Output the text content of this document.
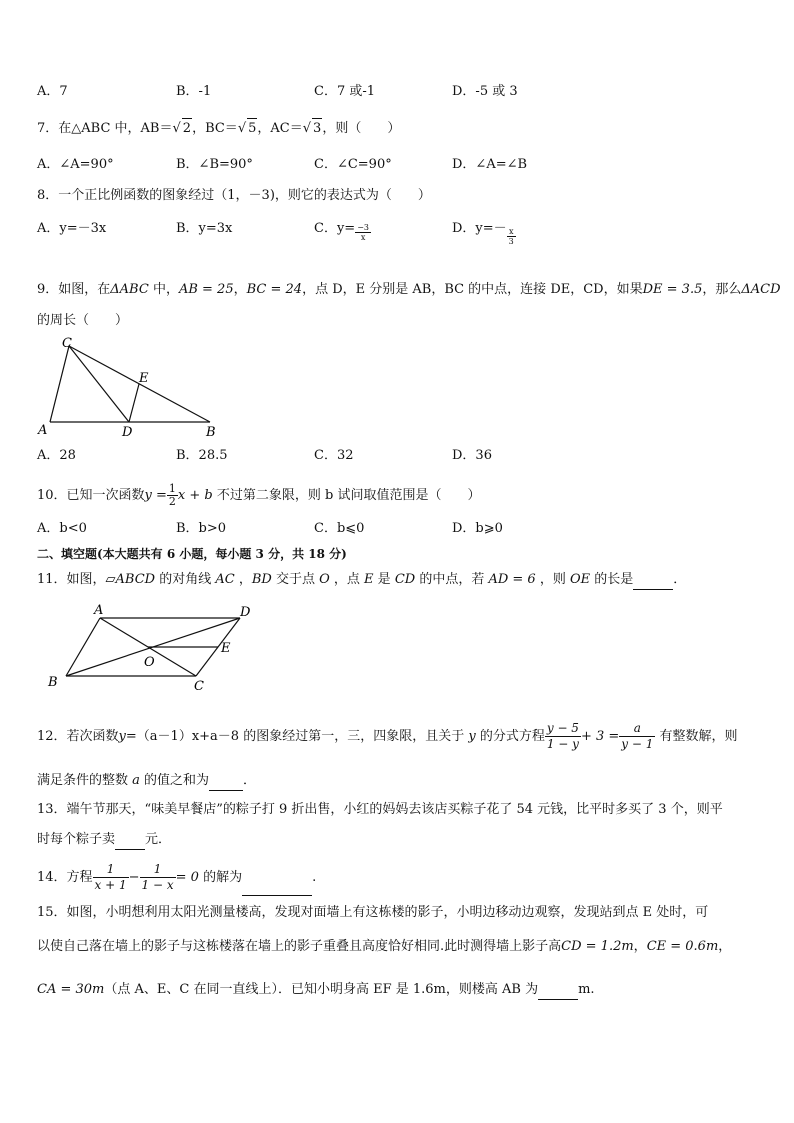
A．7	B．-1	C．7 或-1	D．-5 或 3
7．在△ABC 中，AB＝√ 2，BC＝√ 5，AC＝√ 3，则（　　）
A．∠A=90°	B．∠B=90°	C．∠C=90°	D．∠A=∠B
8．一个正比例函数的图象经过（1，－3)，则它的表达式为（　　）
A．y=－3x	B．y=3x	C．$y= \frac{-3}{x}$	D．$y=- \frac{x}{3}$
9．如图，在ΔABC 中，AB = 25，BC = 24，点 D，E 分别是 AB，BC 的中点，连接 DE，CD，如果DE = 3.5，那么ΔACD
的周长（　　）
C
E
A	D	B
A．28	B．28.5	C．32	D．36
10．已知一次函数$y = \frac{1}{2}$ x + b 不过第二象限，则 b 试问取值范围是（　　）
A．b<0	B．b>0	C．b⩽0	D．b⩾0
二、填空题(本大题共有 6 小题，每小题 3 分，共 18 分)
11．如图，▱ABCD 的对角线 AC ，BD 交于点 O ，点 E 是 CD 的中点，若 AD = 6 ，则 OE 的长是	．
A	D
E
O
B	C
12．若次函数y=（a－1）x+a－8 的图象经过第一，三，四象限，且关于 y 的分式方程 $\frac{y - 5}{1 - y} + 3 = \frac{a}{y - 1}$ 有整数解，则
满足条件的整数 a 的值之和为	．
13．端午节那天，“味美早餐店”的粽子打 9 折出售，小红的妈妈去该店买粽子花了 54 元钱，比平时多买了 3 个，则平
时每个粽子卖 元．
14．方程 $\frac{1}{x + 1} - \frac{1}{1 - x} = 0$ 的解为	.
15．如图，小明想利用太阳光测量楼高，发现对面墙上有这栋楼的影子，小明边移动边观察，发现站到点 E 处时，可
以使自己落在墙上的影子与这栋楼落在墙上的影子重叠且高度恰好相同.此时测得墙上影子高CD = 1.2m，CE = 0.6m，
CA = 30m（点 A、E、C 在同一直线上）．已知小明身高 EF 是 1.6m，则楼高 AB 为	m.
